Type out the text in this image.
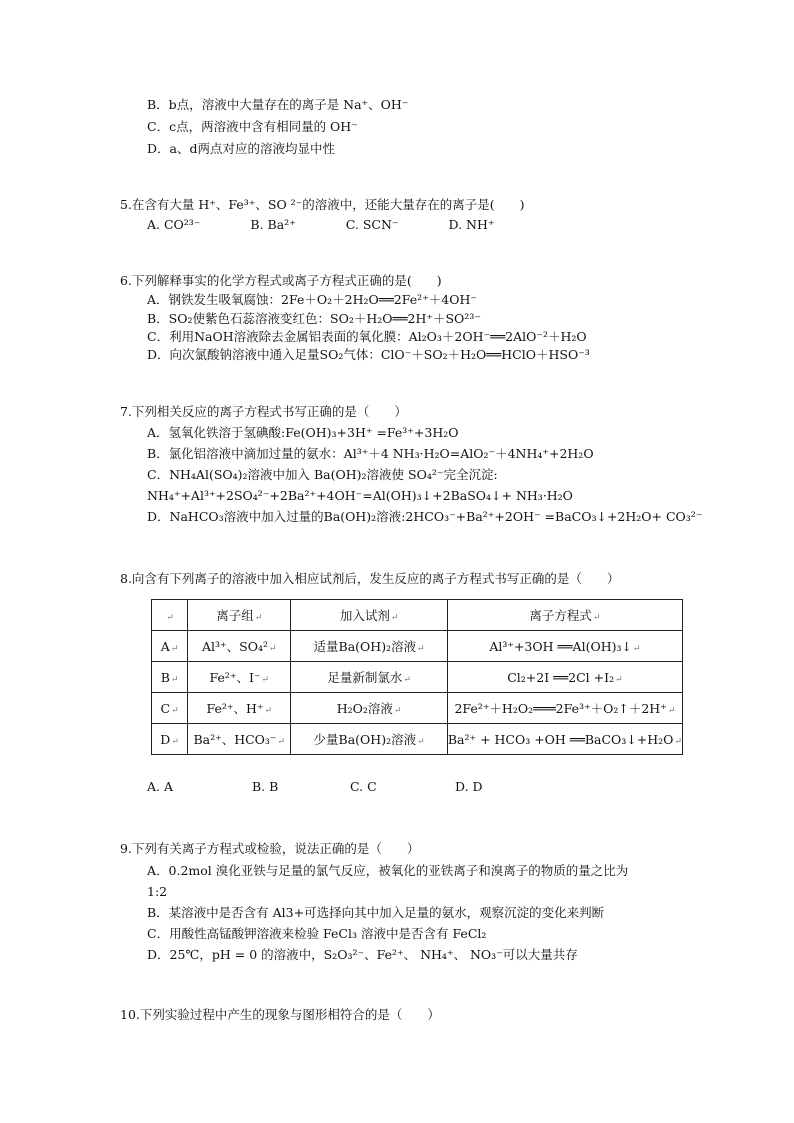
B．b点，溶液中大量存在的离子是 Na⁺、OH⁻
C．c点，两溶液中含有相同量的 OH⁻
D．a、d两点对应的溶液均显中性
5.在含有大量 H⁺、Fe³⁺、SO ²⁻的溶液中，还能大量存在的离子是(　　)
A. CO²³⁻　　　　B. Ba²⁺　　　　C. SCN⁻　　　　D. NH⁺
6.下列解释事实的化学方程式或离子方程式正确的是(　　)
A．钢铁发生吸氧腐蚀：2Fe＋O₂＋2H₂O══2Fe²⁺＋4OH⁻
B．SO₂使紫色石蕊溶液变红色：SO₂＋H₂O══2H⁺＋SO²³⁻
C．利用NaOH溶液除去金属铝表面的氧化膜：Al₂O₃＋2OH⁻══2AlO⁻²＋H₂O
D．向次氯酸钠溶液中通入足量SO₂气体：ClO⁻＋SO₂＋H₂O══HClO＋HSO⁻³
7.下列相关反应的离子方程式书写正确的是（　　）
A．氢氧化铁溶于氢碘酸:Fe(OH)₃+3H⁺ =Fe³⁺+3H₂O
B．氯化铝溶液中滴加过量的氨水：Al³⁺＋4 NH₃·H₂O=AlO₂⁻＋4NH₄⁺+2H₂O
C．NH₄Al(SO₄)₂溶液中加入 Ba(OH)₂溶液使 SO₄²⁻完全沉淀:
NH₄⁺+Al³⁺+2SO₄²⁻+2Ba²⁺+4OH⁻=Al(OH)₃↓+2BaSO₄↓+ NH₃·H₂O
D．NaHCO₃溶液中加入过量的Ba(OH)₂溶液:2HCO₃⁻+Ba²⁺+2OH⁻ =BaCO₃↓+2H₂O+ CO₃²⁻
8.向含有下列离子的溶液中加入相应试剂后，发生反应的离子方程式书写正确的是（　　）
↵	离子组↵	加入试剂↵	离子方程式↵
A↵	Al³⁺、SO₄²↵	适量Ba(OH)₂溶液↵	Al³⁺+3OH ══Al(OH)₃↓↵
B↵	Fe²⁺、I⁻↵	足量新制氯水↵	Cl₂+2I ══2Cl +I₂↵
C↵	Fe²⁺、H⁺↵	H₂O₂溶液↵	2Fe²⁺＋H₂O₂═══2Fe³⁺＋O₂↑＋2H⁺↵
D↵	Ba²⁺、HCO₃⁻↵	少量Ba(OH)₂溶液↵	Ba²⁺ + HCO₃ +OH ══BaCO₃↓+H₂O↵
A. A	B. B	C. C	D. D
9.下列有关离子方程式或检验，说法正确的是（　　）
A．0.2mol 溴化亚铁与足量的氯气反应，被氧化的亚铁离子和溴离子的物质的量之比为
1:2
B．某溶液中是否含有 Al3+可选择向其中加入足量的氨水，观察沉淀的变化来判断
C．用酸性高锰酸钾溶液来检验 FeCl₃ 溶液中是否含有 FeCl₂
D．25℃，pH = 0 的溶液中，S₂O₃²⁻、Fe²⁺、 NH₄⁺、 NO₃⁻可以大量共存
10.下列实验过程中产生的现象与图形相符合的是（　　）
